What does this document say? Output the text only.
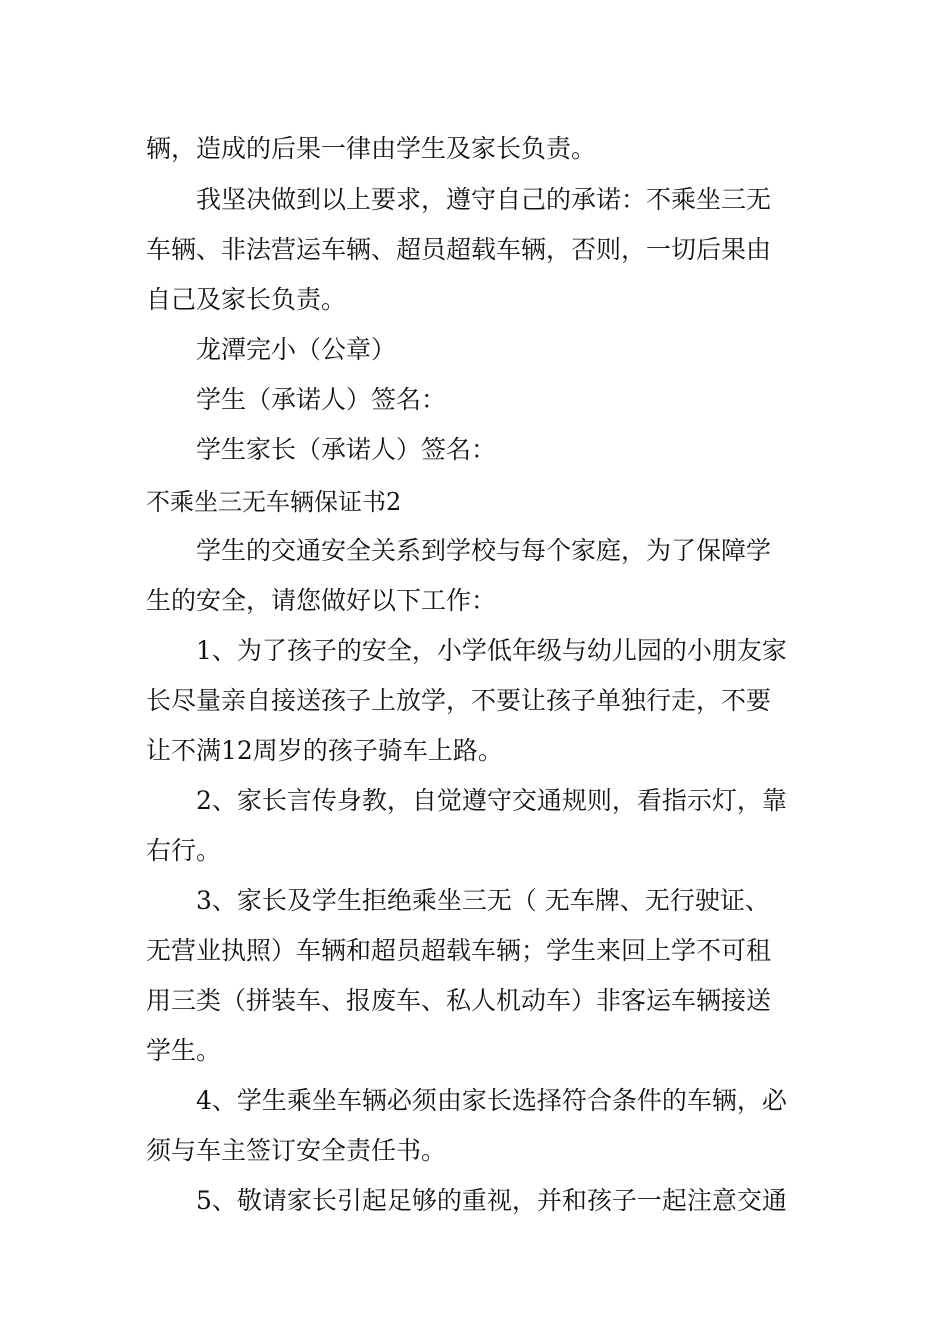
辆，造成的后果一律由学生及家长负责。
我坚决做到以上要求，遵守自己的承诺：不乘坐三无
车辆、非法营运车辆、超员超载车辆，否则，一切后果由
自己及家长负责。
龙潭完小（公章）
学生（承诺人）签名：
学生家长（承诺人）签名：
不乘坐三无车辆保证书2
学生的交通安全关系到学校与每个家庭，为了保障学
生的安全，请您做好以下工作：
1、为了孩子的安全，小学低年级与幼儿园的小朋友家
长尽量亲自接送孩子上放学，不要让孩子单独行走，不要
让不满12周岁的孩子骑车上路。
2、家长言传身教，自觉遵守交通规则，看指示灯，靠
右行。
3、家长及学生拒绝乘坐三无（ 无车牌、无行驶证、
无营业执照）车辆和超员超载车辆；学生来回上学不可租
用三类（拼装车、报废车、私人机动车）非客运车辆接送
学生。
4、学生乘坐车辆必须由家长选择符合条件的车辆，必
须与车主签订安全责任书。
5、敬请家长引起足够的重视，并和孩子一起注意交通
